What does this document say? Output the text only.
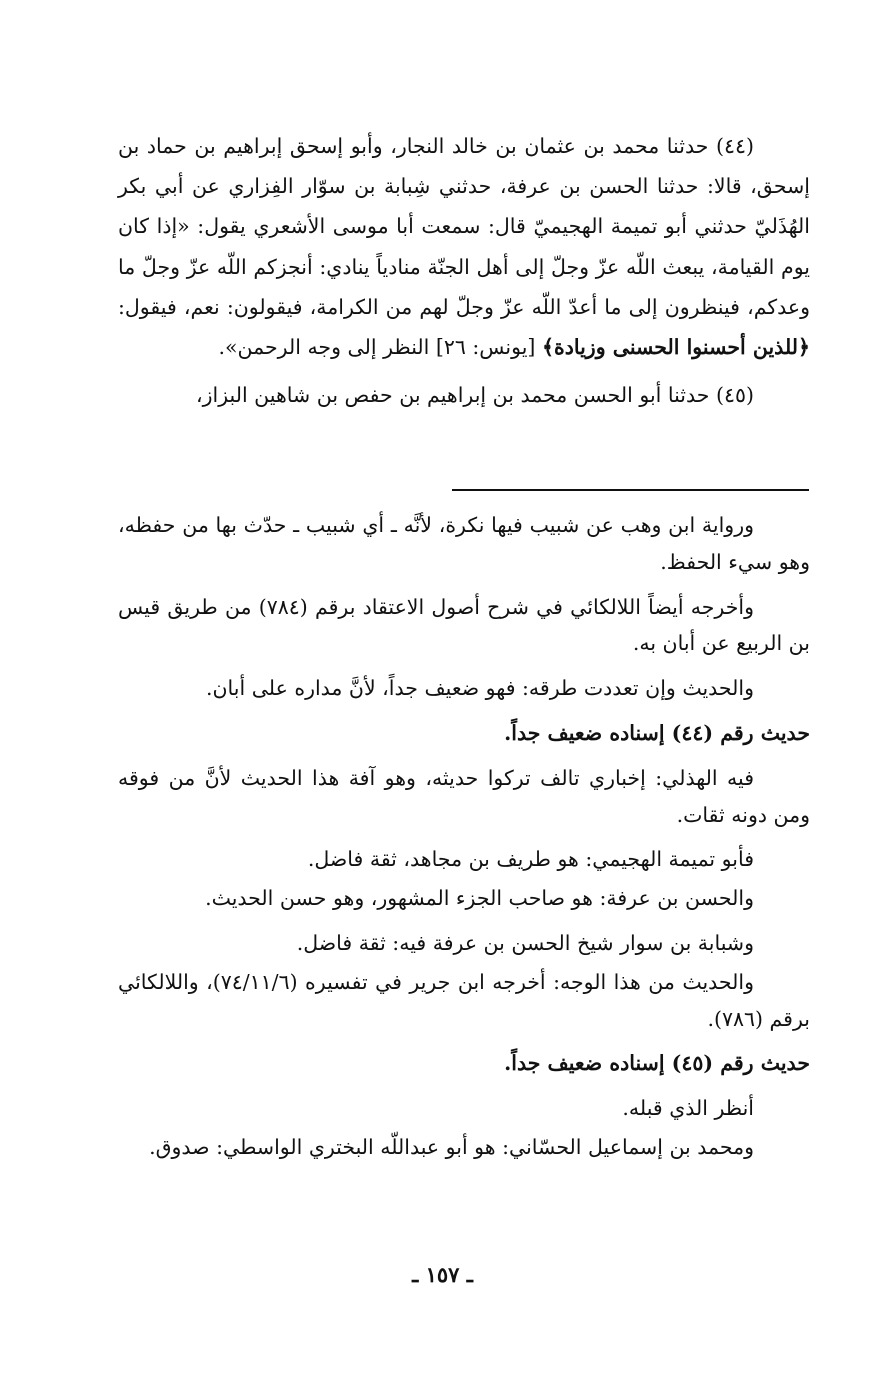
(٤٤) حدثنا محمد بن عثمان بن خالد النجار، وأبو إسحق إبراهيم بن حماد بن إسحق، قالا: حدثنا الحسن بن عرفة، حدثني شِبابة بن سوّار الفِزاري عن أبي بكر الهُذَليّ حدثني أبو تميمة الهجيميّ قال: سمعت أبا موسى الأشعري يقول: «إذا كان يوم القيامة، يبعث اللّه عزّ وجلّ إلى أهل الجنّة منادياً ينادي: أنجزكم اللّه عزّ وجلّ ما وعدكم، فينظرون إلى ما أعدّ اللّه عزّ وجلّ لهم من الكرامة، فيقولون: نعم، فيقول: ﴿للذين أحسنوا الحسنى وزيادة﴾ [يونس: ٢٦] النظر إلى وجه الرحمن».

(٤٥) حدثنا أبو الحسن محمد بن إبراهيم بن حفص بن شاهين البزاز،

ورواية ابن وهب عن شبيب فيها نكرة، لأنَّه ـ أي شبيب ـ حدّث بها من حفظه، وهو سيء الحفظ.

وأخرجه أيضاً اللالكائي في شرح أصول الاعتقاد برقم (٧٨٤) من طريق قيس بن الربيع عن أبان به.

والحديث وإن تعددت طرقه: فهو ضعيف جداً، لأنَّ مداره على أبان.

حديث رقم (٤٤) إسناده ضعيف جداً.

فيه الهذلي: إخباري تالف تركوا حديثه، وهو آفة هذا الحديث لأنَّ من فوقه ومن دونه ثقات.

فأبو تميمة الهجيمي: هو طريف بن مجاهد، ثقة فاضل.

والحسن بن عرفة: هو صاحب الجزء المشهور، وهو حسن الحديث.

وشبابة بن سوار شيخ الحسن بن عرفة فيه: ثقة فاضل.

والحديث من هذا الوجه: أخرجه ابن جرير في تفسيره (٧٤/١١/٦)، واللالكائي برقم (٧٨٦).

حديث رقم (٤٥) إسناده ضعيف جداً.

أنظر الذي قبله.

ومحمد بن إسماعيل الحسّاني: هو أبو عبداللّه البختري الواسطي: صدوق.

ـ ١٥٧ ـ
